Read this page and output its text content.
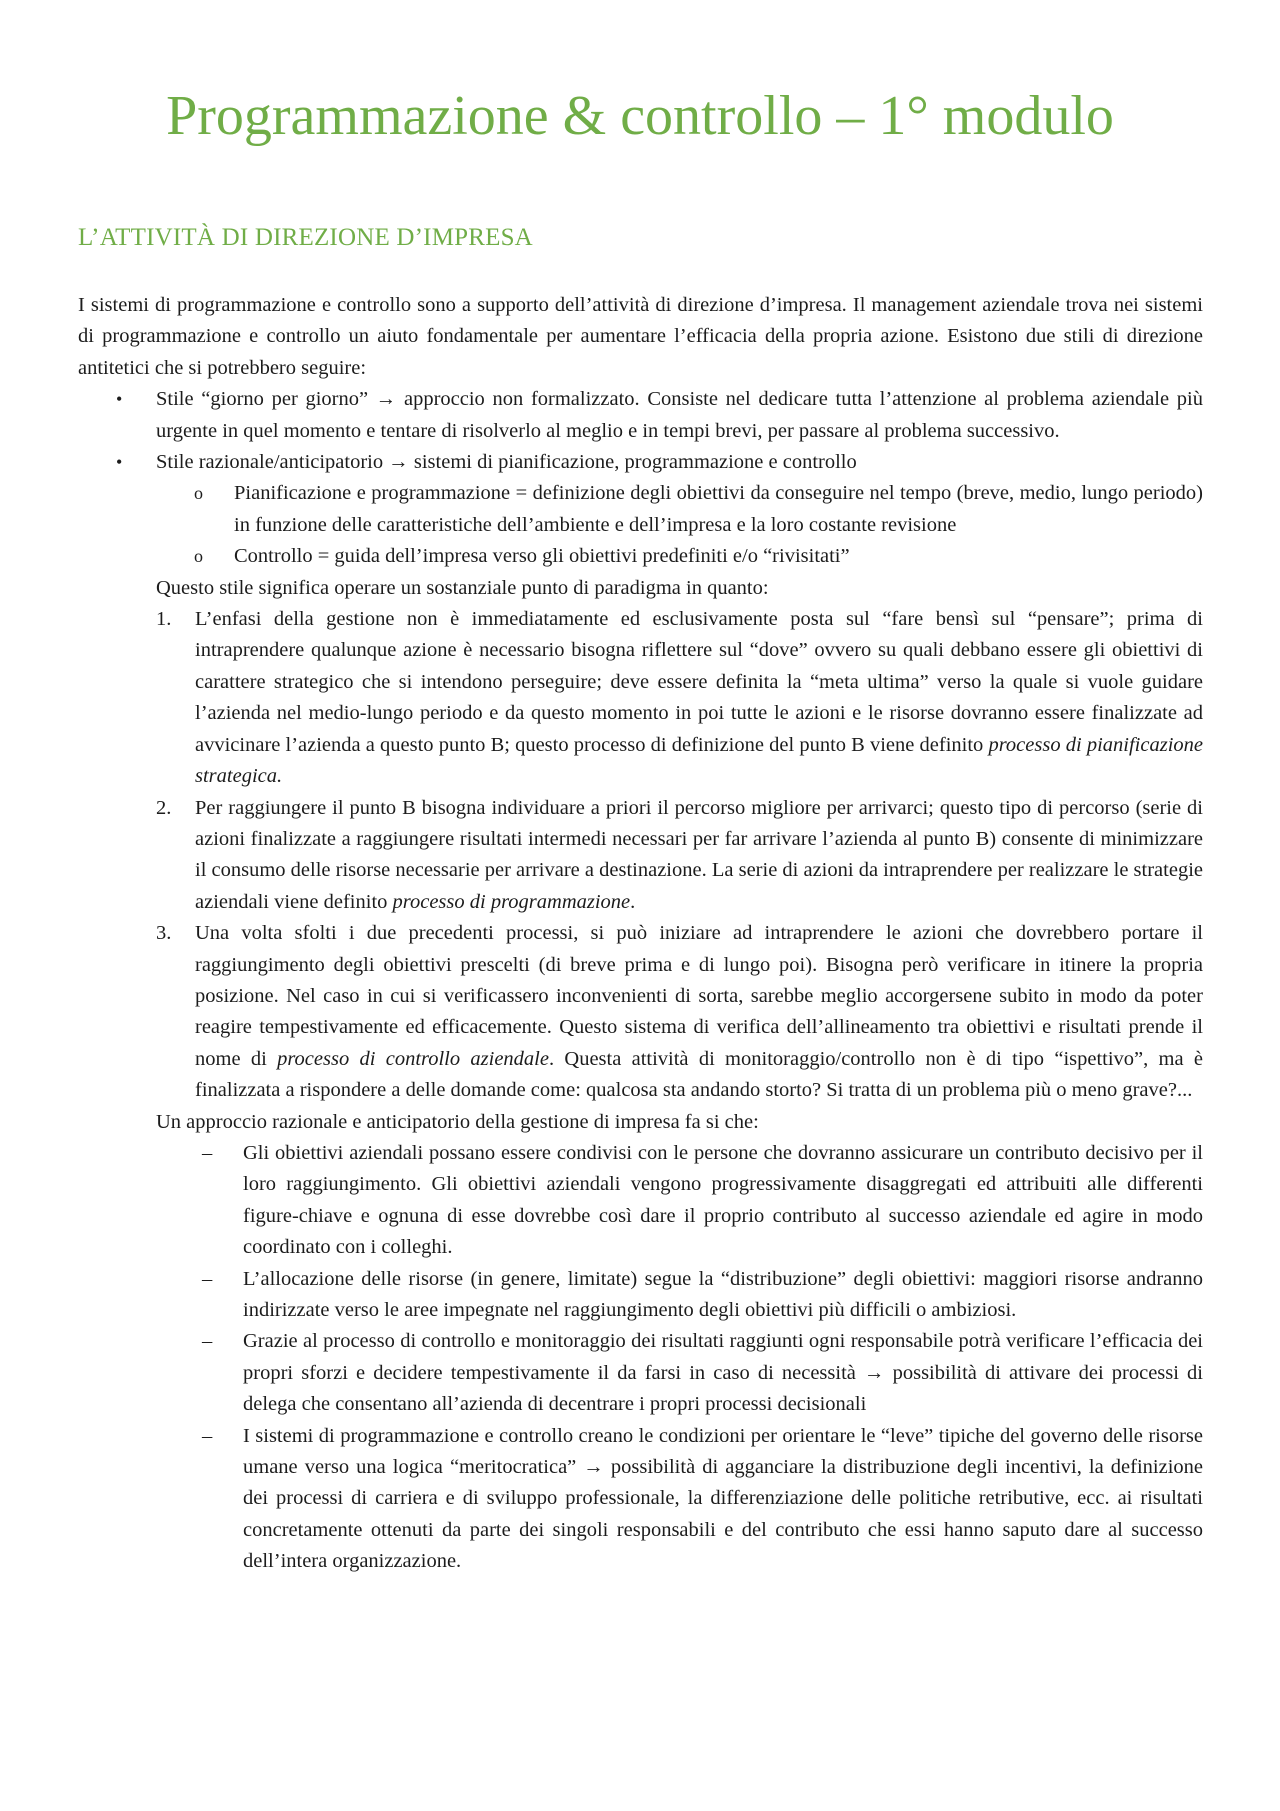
Programmazione & controllo – 1° modulo
L’ATTIVITÀ DI DIREZIONE D’IMPRESA

I sistemi di programmazione e controllo sono a supporto dell’attività di direzione d’impresa. Il management aziendale trova nei sistemi di programmazione e controllo un aiuto fondamentale per aumentare l’efficacia della propria azione. Esistono due stili di direzione antitetici che si potrebbero seguire:

• Stile “giorno per giorno” → approccio non formalizzato. Consiste nel dedicare tutta l’attenzione al problema aziendale più urgente in quel momento e tentare di risolverlo al meglio e in tempi brevi, per passare al problema successivo.
• Stile razionale/anticipatorio → sistemi di pianificazione, programmazione e controllo
o Pianificazione e programmazione = definizione degli obiettivi da conseguire nel tempo (breve, medio, lungo periodo) in funzione delle caratteristiche dell’ambiente e dell’impresa e la loro costante revisione
o Controllo = guida dell’impresa verso gli obiettivi predefiniti e/o “rivisitati”

Questo stile significa operare un sostanziale punto di paradigma in quanto:

1. L’enfasi della gestione non è immediatamente ed esclusivamente posta sul “fare bensì sul “pensare”; prima di intraprendere qualunque azione è necessario bisogna riflettere sul “dove” ovvero su quali debbano essere gli obiettivi di carattere strategico che si intendono perseguire; deve essere definita la “meta ultima” verso la quale si vuole guidare l’azienda nel medio-lungo periodo e da questo momento in poi tutte le azioni e le risorse dovranno essere finalizzate ad avvicinare l’azienda a questo punto B; questo processo di definizione del punto B viene definito processo di pianificazione strategica.
2. Per raggiungere il punto B bisogna individuare a priori il percorso migliore per arrivarci; questo tipo di percorso (serie di azioni finalizzate a raggiungere risultati intermedi necessari per far arrivare l’azienda al punto B) consente di minimizzare il consumo delle risorse necessarie per arrivare a destinazione. La serie di azioni da intraprendere per realizzare le strategie aziendali viene definito processo di programmazione.
3. Una volta sfolti i due precedenti processi, si può iniziare ad intraprendere le azioni che dovrebbero portare il raggiungimento degli obiettivi prescelti (di breve prima e di lungo poi). Bisogna però verificare in itinere la propria posizione. Nel caso in cui si verificassero inconvenienti di sorta, sarebbe meglio accorgersene subito in modo da poter reagire tempestivamente ed efficacemente. Questo sistema di verifica dell’allineamento tra obiettivi e risultati prende il nome di processo di controllo aziendale. Questa attività di monitoraggio/controllo non è di tipo “ispettivo”, ma è finalizzata a rispondere a delle domande come: qualcosa sta andando storto? Si tratta di un problema più o meno grave?...

Un approccio razionale e anticipatorio della gestione di impresa fa si che:

– Gli obiettivi aziendali possano essere condivisi con le persone che dovranno assicurare un contributo decisivo per il loro raggiungimento. Gli obiettivi aziendali vengono progressivamente disaggregati ed attribuiti alle differenti figure-chiave e ognuna di esse dovrebbe così dare il proprio contributo al successo aziendale ed agire in modo coordinato con i colleghi.
– L’allocazione delle risorse (in genere, limitate) segue la “distribuzione” degli obiettivi: maggiori risorse andranno indirizzate verso le aree impegnate nel raggiungimento degli obiettivi più difficili o ambiziosi.
– Grazie al processo di controllo e monitoraggio dei risultati raggiunti ogni responsabile potrà verificare l’efficacia dei propri sforzi e decidere tempestivamente il da farsi in caso di necessità → possibilità di attivare dei processi di delega che consentano all’azienda di decentrare i propri processi decisionali
– I sistemi di programmazione e controllo creano le condizioni per orientare le “leve” tipiche del governo delle risorse umane verso una logica “meritocratica” → possibilità di agganciare la distribuzione degli incentivi, la definizione dei processi di carriera e di sviluppo professionale, la differenziazione delle politiche retributive, ecc. ai risultati concretamente ottenuti da parte dei singoli responsabili e del contributo che essi hanno saputo dare al successo dell’intera organizzazione.
